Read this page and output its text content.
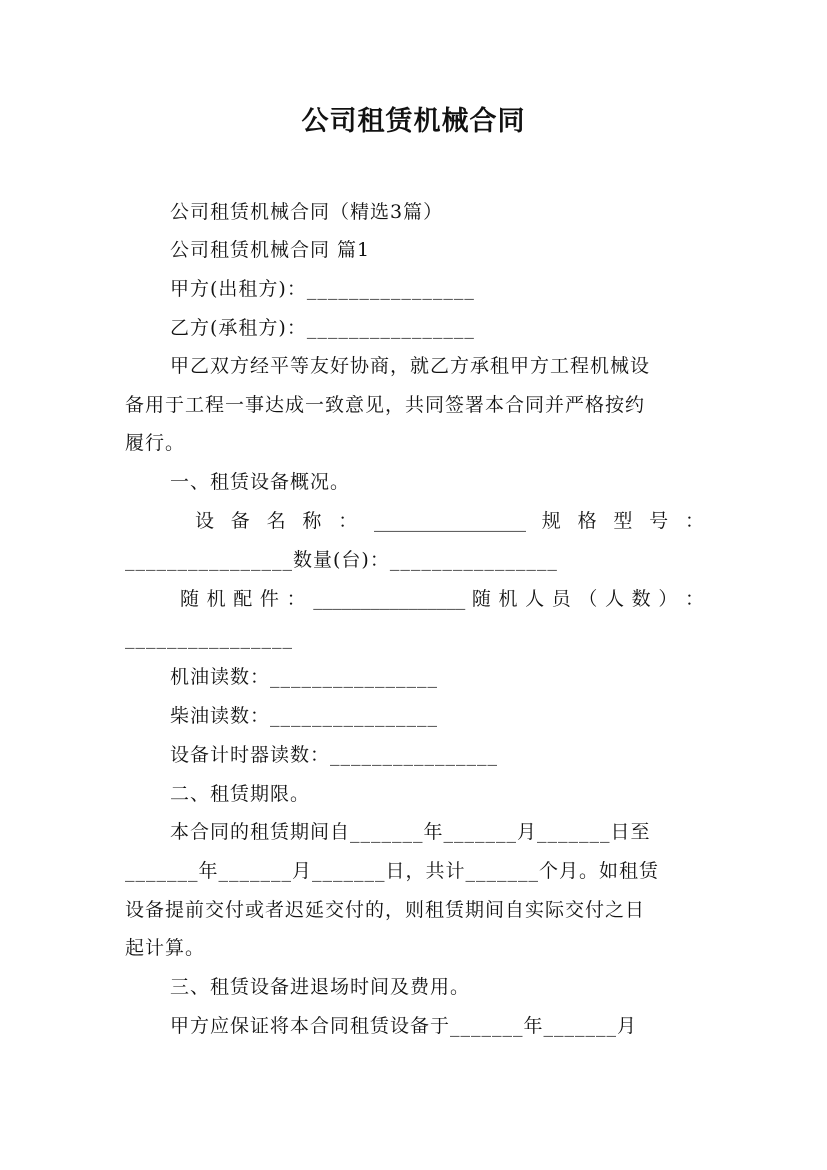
公司租赁机械合同
公司租赁机械合同（精选3篇）
公司租赁机械合同 篇1
甲方(出租方)：________________
乙方(承租方)：________________
甲乙双方经平等友好协商，就乙方承租甲方工程机械设
备用于工程一事达成一致意见，共同签署本合同并严格按约
履行。
一、租赁设备概况。
设 备 名 称 ： ________________ 规 格 型 号 ：
________________数量(台)：________________
随 机 配 件 ： ________________ 随 机 人 员 （ 人 数 ） ：
________________
机油读数：________________
柴油读数：________________
设备计时器读数：________________
二、租赁期限。
本合同的租赁期间自_______年_______月_______日至
_______年_______月_______日，共计_______个月。如租赁
设备提前交付或者迟延交付的，则租赁期间自实际交付之日
起计算。
三、租赁设备进退场时间及费用。
甲方应保证将本合同租赁设备于_______年_______月
